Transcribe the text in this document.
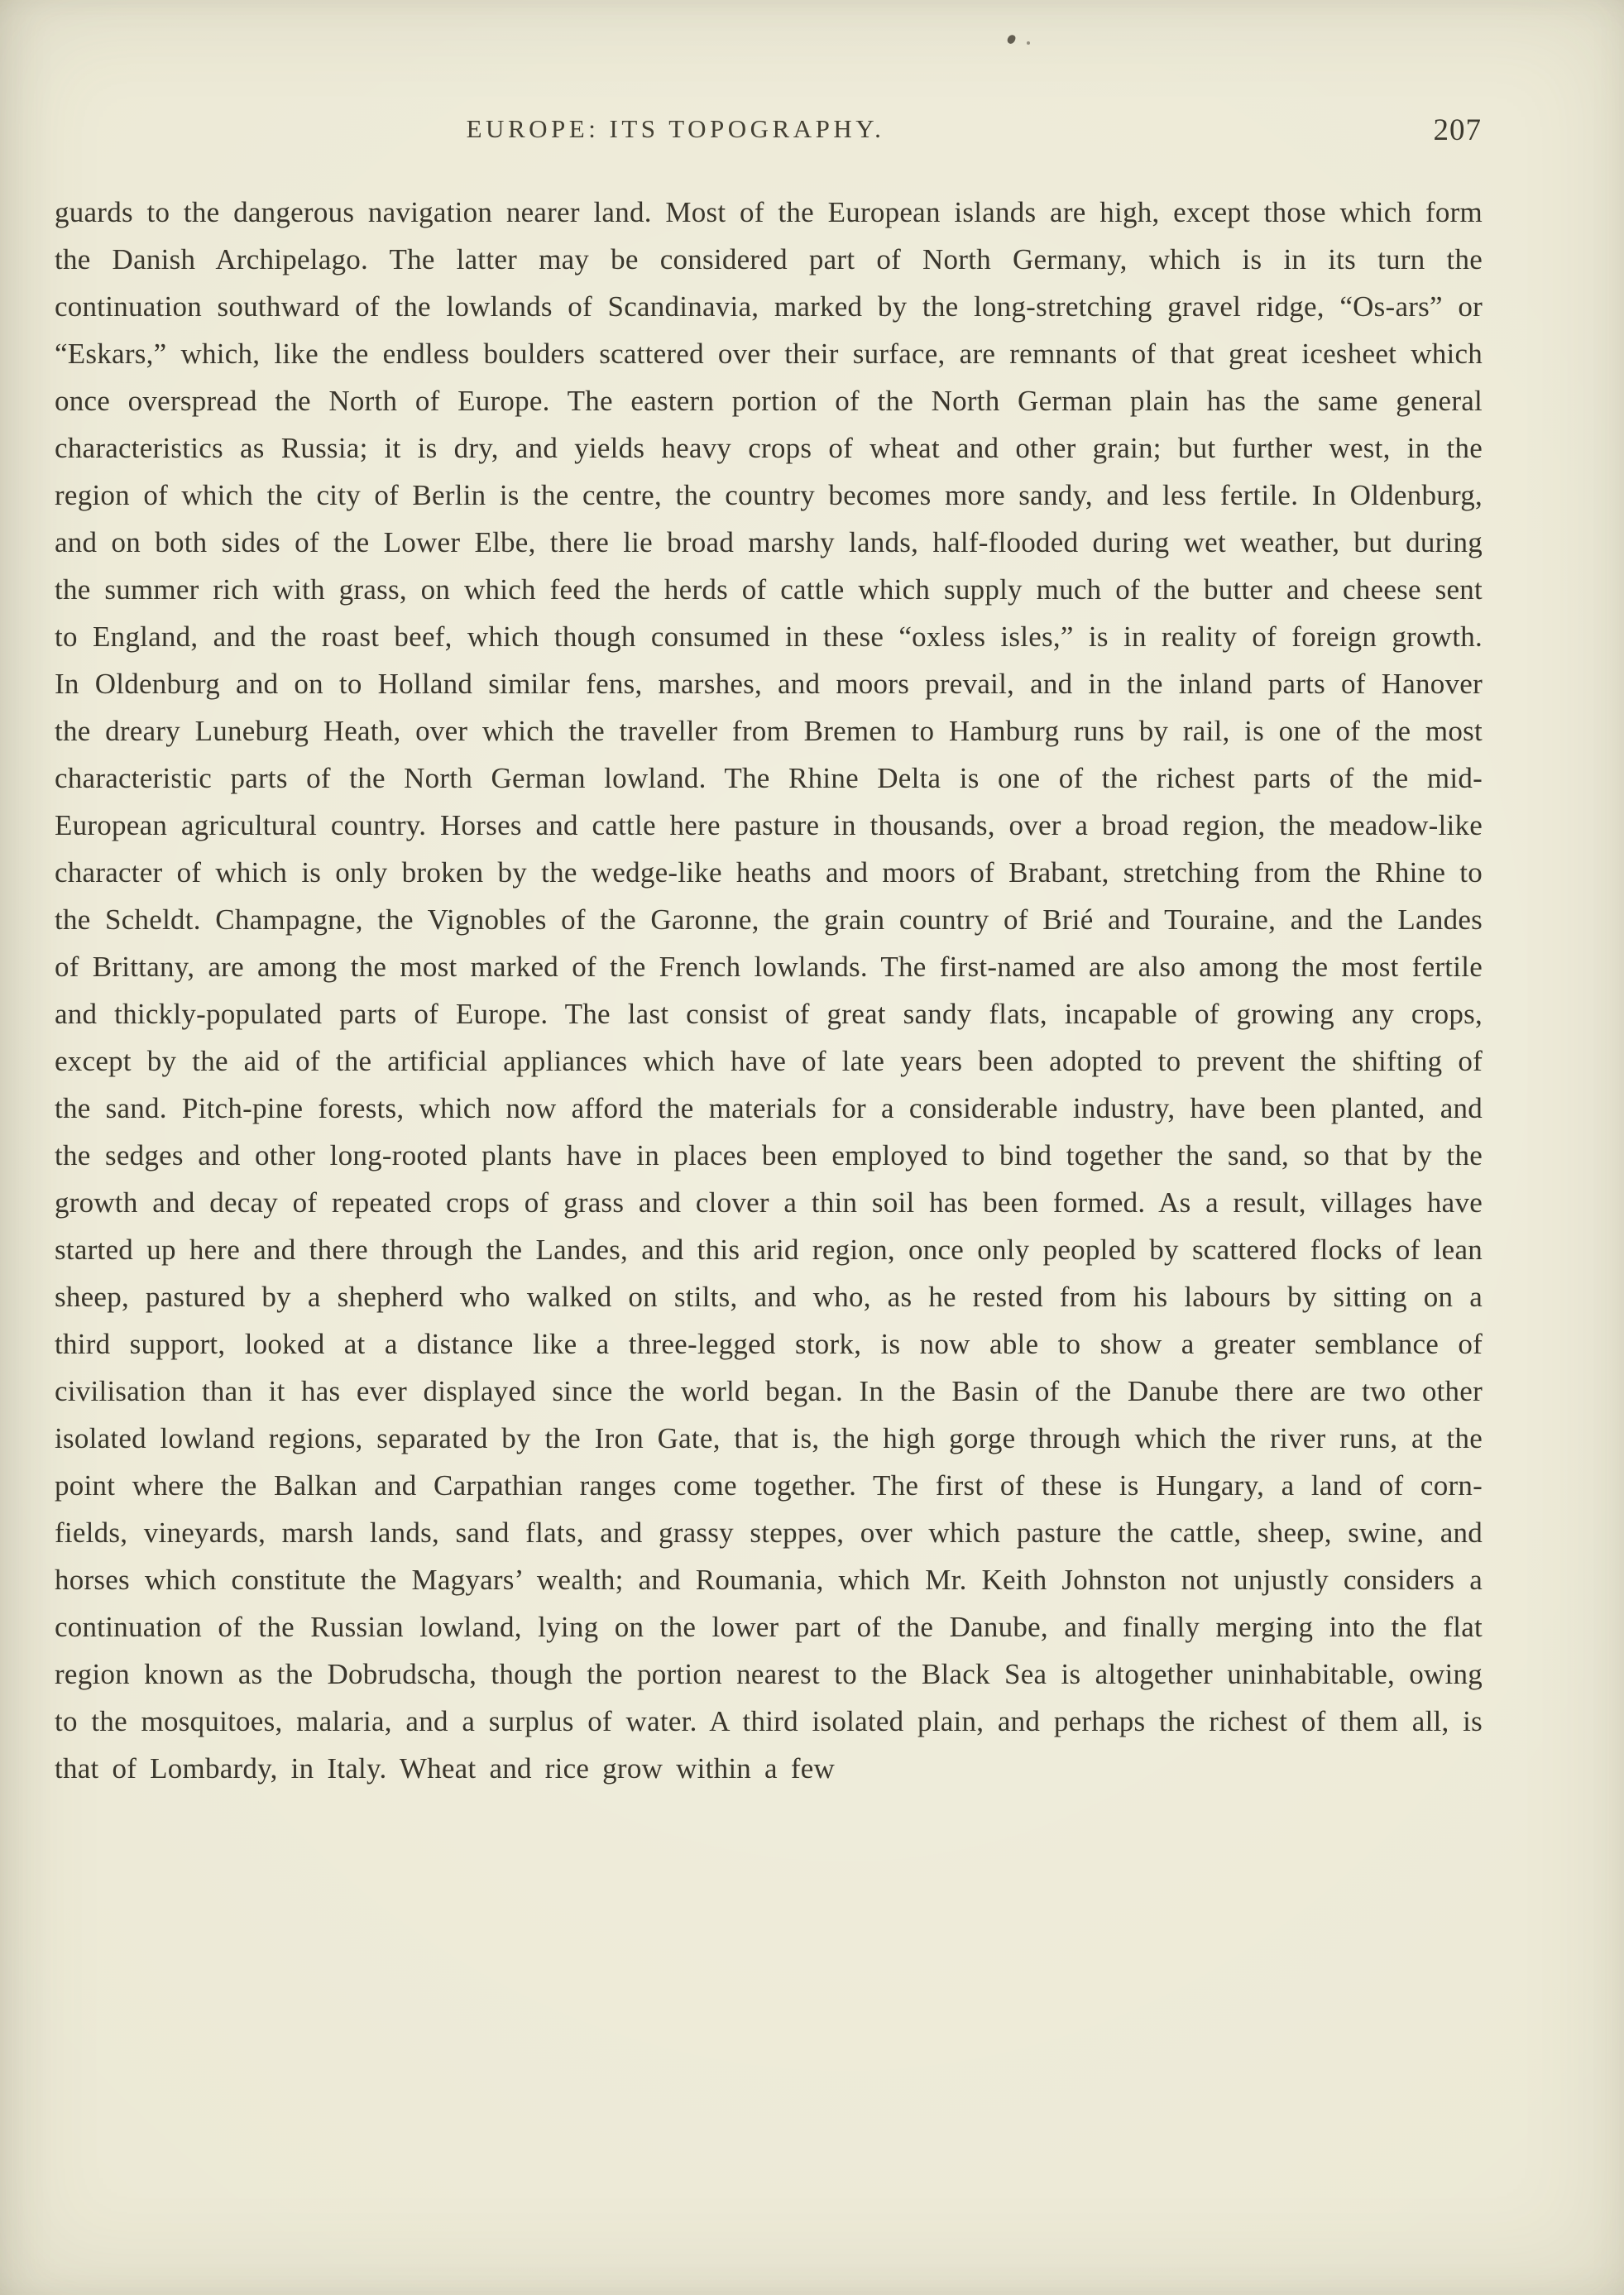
EUROPE: ITS TOPOGRAPHY.	207

guards to the dangerous navigation nearer land. Most of the European islands are high, except those which form the Danish Archipelago. The latter may be considered part of North Germany, which is in its turn the continuation southward of the lowlands of Scandinavia, marked by the long-stretching gravel ridge, “Os-ars” or “Eskars,” which, like the endless boulders scattered over their surface, are remnants of that great icesheet which once overspread the North of Europe. The eastern portion of the North German plain has the same general characteristics as Russia; it is dry, and yields heavy crops of wheat and other grain; but further west, in the region of which the city of Berlin is the centre, the country becomes more sandy, and less fertile. In Oldenburg, and on both sides of the Lower Elbe, there lie broad marshy lands, half-flooded during wet weather, but during the summer rich with grass, on which feed the herds of cattle which supply much of the butter and cheese sent to England, and the roast beef, which though consumed in these “oxless isles,” is in reality of foreign growth. In Oldenburg and on to Holland similar fens, marshes, and moors prevail, and in the inland parts of Hanover the dreary Luneburg Heath, over which the traveller from Bremen to Hamburg runs by rail, is one of the most characteristic parts of the North German lowland. The Rhine Delta is one of the richest parts of the mid-European agricultural country. Horses and cattle here pasture in thousands, over a broad region, the meadow-like character of which is only broken by the wedge-like heaths and moors of Brabant, stretching from the Rhine to the Scheldt. Champagne, the Vignobles of the Garonne, the grain country of Brié and Touraine, and the Landes of Brittany, are among the most marked of the French lowlands. The first-named are also among the most fertile and thickly-populated parts of Europe. The last consist of great sandy flats, incapable of growing any crops, except by the aid of the artificial appliances which have of late years been adopted to prevent the shifting of the sand. Pitch-pine forests, which now afford the materials for a considerable industry, have been planted, and the sedges and other long-rooted plants have in places been employed to bind together the sand, so that by the growth and decay of repeated crops of grass and clover a thin soil has been formed. As a result, villages have started up here and there through the Landes, and this arid region, once only peopled by scattered flocks of lean sheep, pastured by a shepherd who walked on stilts, and who, as he rested from his labours by sitting on a third support, looked at a distance like a three-legged stork, is now able to show a greater semblance of civilisation than it has ever displayed since the world began. In the Basin of the Danube there are two other isolated lowland regions, separated by the Iron Gate, that is, the high gorge through which the river runs, at the point where the Balkan and Carpathian ranges come together. The first of these is Hungary, a land of corn-fields, vineyards, marsh lands, sand flats, and grassy steppes, over which pasture the cattle, sheep, swine, and horses which constitute the Magyars’ wealth; and Roumania, which Mr. Keith Johnston not unjustly considers a continuation of the Russian lowland, lying on the lower part of the Danube, and finally merging into the flat region known as the Dobrudscha, though the portion nearest to the Black Sea is altogether uninhabitable, owing to the mosquitoes, malaria, and a surplus of water. A third isolated plain, and perhaps the richest of them all, is that of Lombardy, in Italy. Wheat and rice grow within a few
